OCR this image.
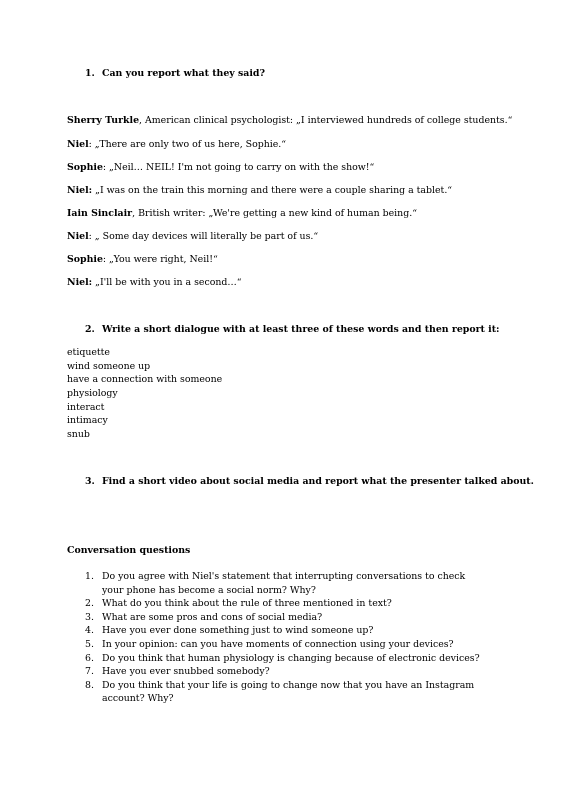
1. Can you report what they said?
Sherry Turkle, American clinical psychologist: „I interviewed hundreds of college students.“
Niel: „There are only two of us here, Sophie.“
Sophie: „Neil… NEIL! I'm not going to carry on with the show!“
Niel: „I was on the train this morning and there were a couple sharing a tablet.“
Iain Sinclair, British writer: „We're getting a new kind of human being.“
Niel: „ Some day devices will literally be part of us.“
Sophie: „You were right, Neil!“
Niel: „I'll be with you in a second…“
2. Write a short dialogue with at least three of these words and then report it:
etiquette
wind someone up
have a connection with someone
physiology
interact
intimacy
snub
3. Find a short video about social media and report what the presenter talked about.
Conversation questions
1. Do you agree with Niel's statement that interrupting conversations to check your phone has become a social norm? Why?
2. What do you think about the rule of three mentioned in text?
3. What are some pros and cons of social media?
4. Have you ever done something just to wind someone up?
5. In your opinion: can you have moments of connection using your devices?
6. Do you think that human physiology is changing because of electronic devices?
7. Have you ever snubbed somebody?
8. Do you think that your life is going to change now that you have an Instagram account? Why?
